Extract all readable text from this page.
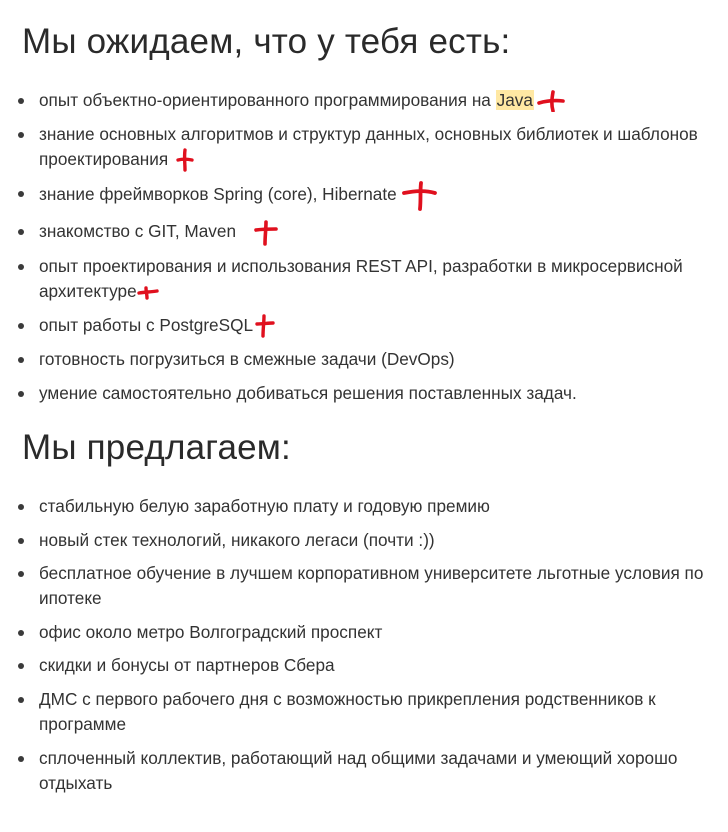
Мы ожидаем, что у тебя есть:
опыт объектно-ориентированного программирования на Java
знание основных алгоритмов и структур данных, основных библиотек и шаблонов проектирования
знание фреймворков Spring (core), Hibernate
знакомство с GIT, Maven
опыт проектирования и использования REST API, разработки в микросервисной архитектуре
опыт работы с PostgreSQL
готовность погрузиться в смежные задачи (DevOps)
умение самостоятельно добиваться решения поставленных задач.
Мы предлагаем:
стабильную белую заработную плату и годовую премию
новый стек технологий, никакого легаси (почти :))
бесплатное обучение в лучшем корпоративном университете льготные условия по ипотеке
офис около метро Волгоградский проспект
скидки и бонусы от партнеров Сбера
ДМС с первого рабочего дня с возможностью прикрепления родственников к программе
сплоченный коллектив, работающий над общими задачами и умеющий хорошо отдыхать
